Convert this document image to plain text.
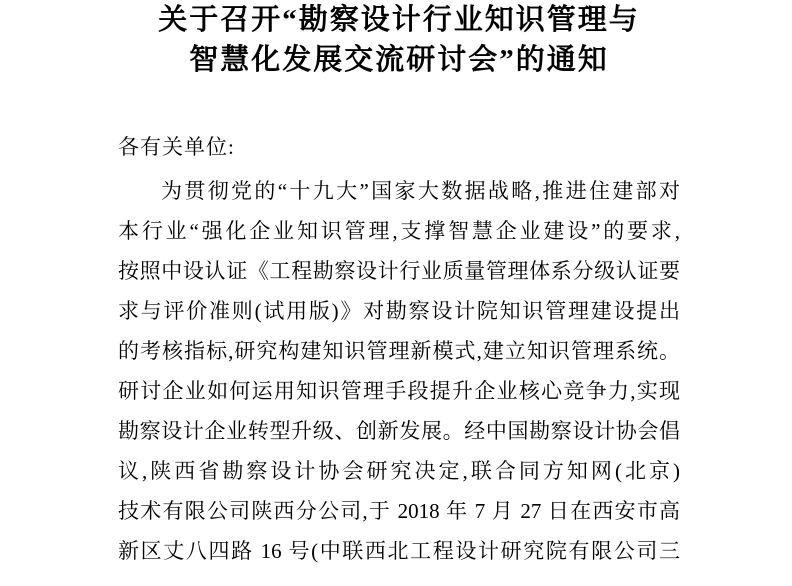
关于召开“勘察设计行业知识管理与
智慧化发展交流研讨会”的通知
各有关单位:
为贯彻党的“十九大”国家大数据战略,推进住建部对
本行业“强化企业知识管理,支撑智慧企业建设”的要求,
按照中设认证《工程勘察设计行业质量管理体系分级认证要
求与评价准则(试用版)》对勘察设计院知识管理建设提出
的考核指标,研究构建知识管理新模式,建立知识管理系统。
研讨企业如何运用知识管理手段提升企业核心竞争力,实现
勘察设计企业转型升级、创新发展。经中国勘察设计协会倡
议,陕西省勘察设计协会研究决定,联合同方知网(北京)
技术有限公司陕西分公司,于 2018 年 7 月 27 日在西安市高
新区丈八四路 16 号(中联西北工程设计研究院有限公司三
